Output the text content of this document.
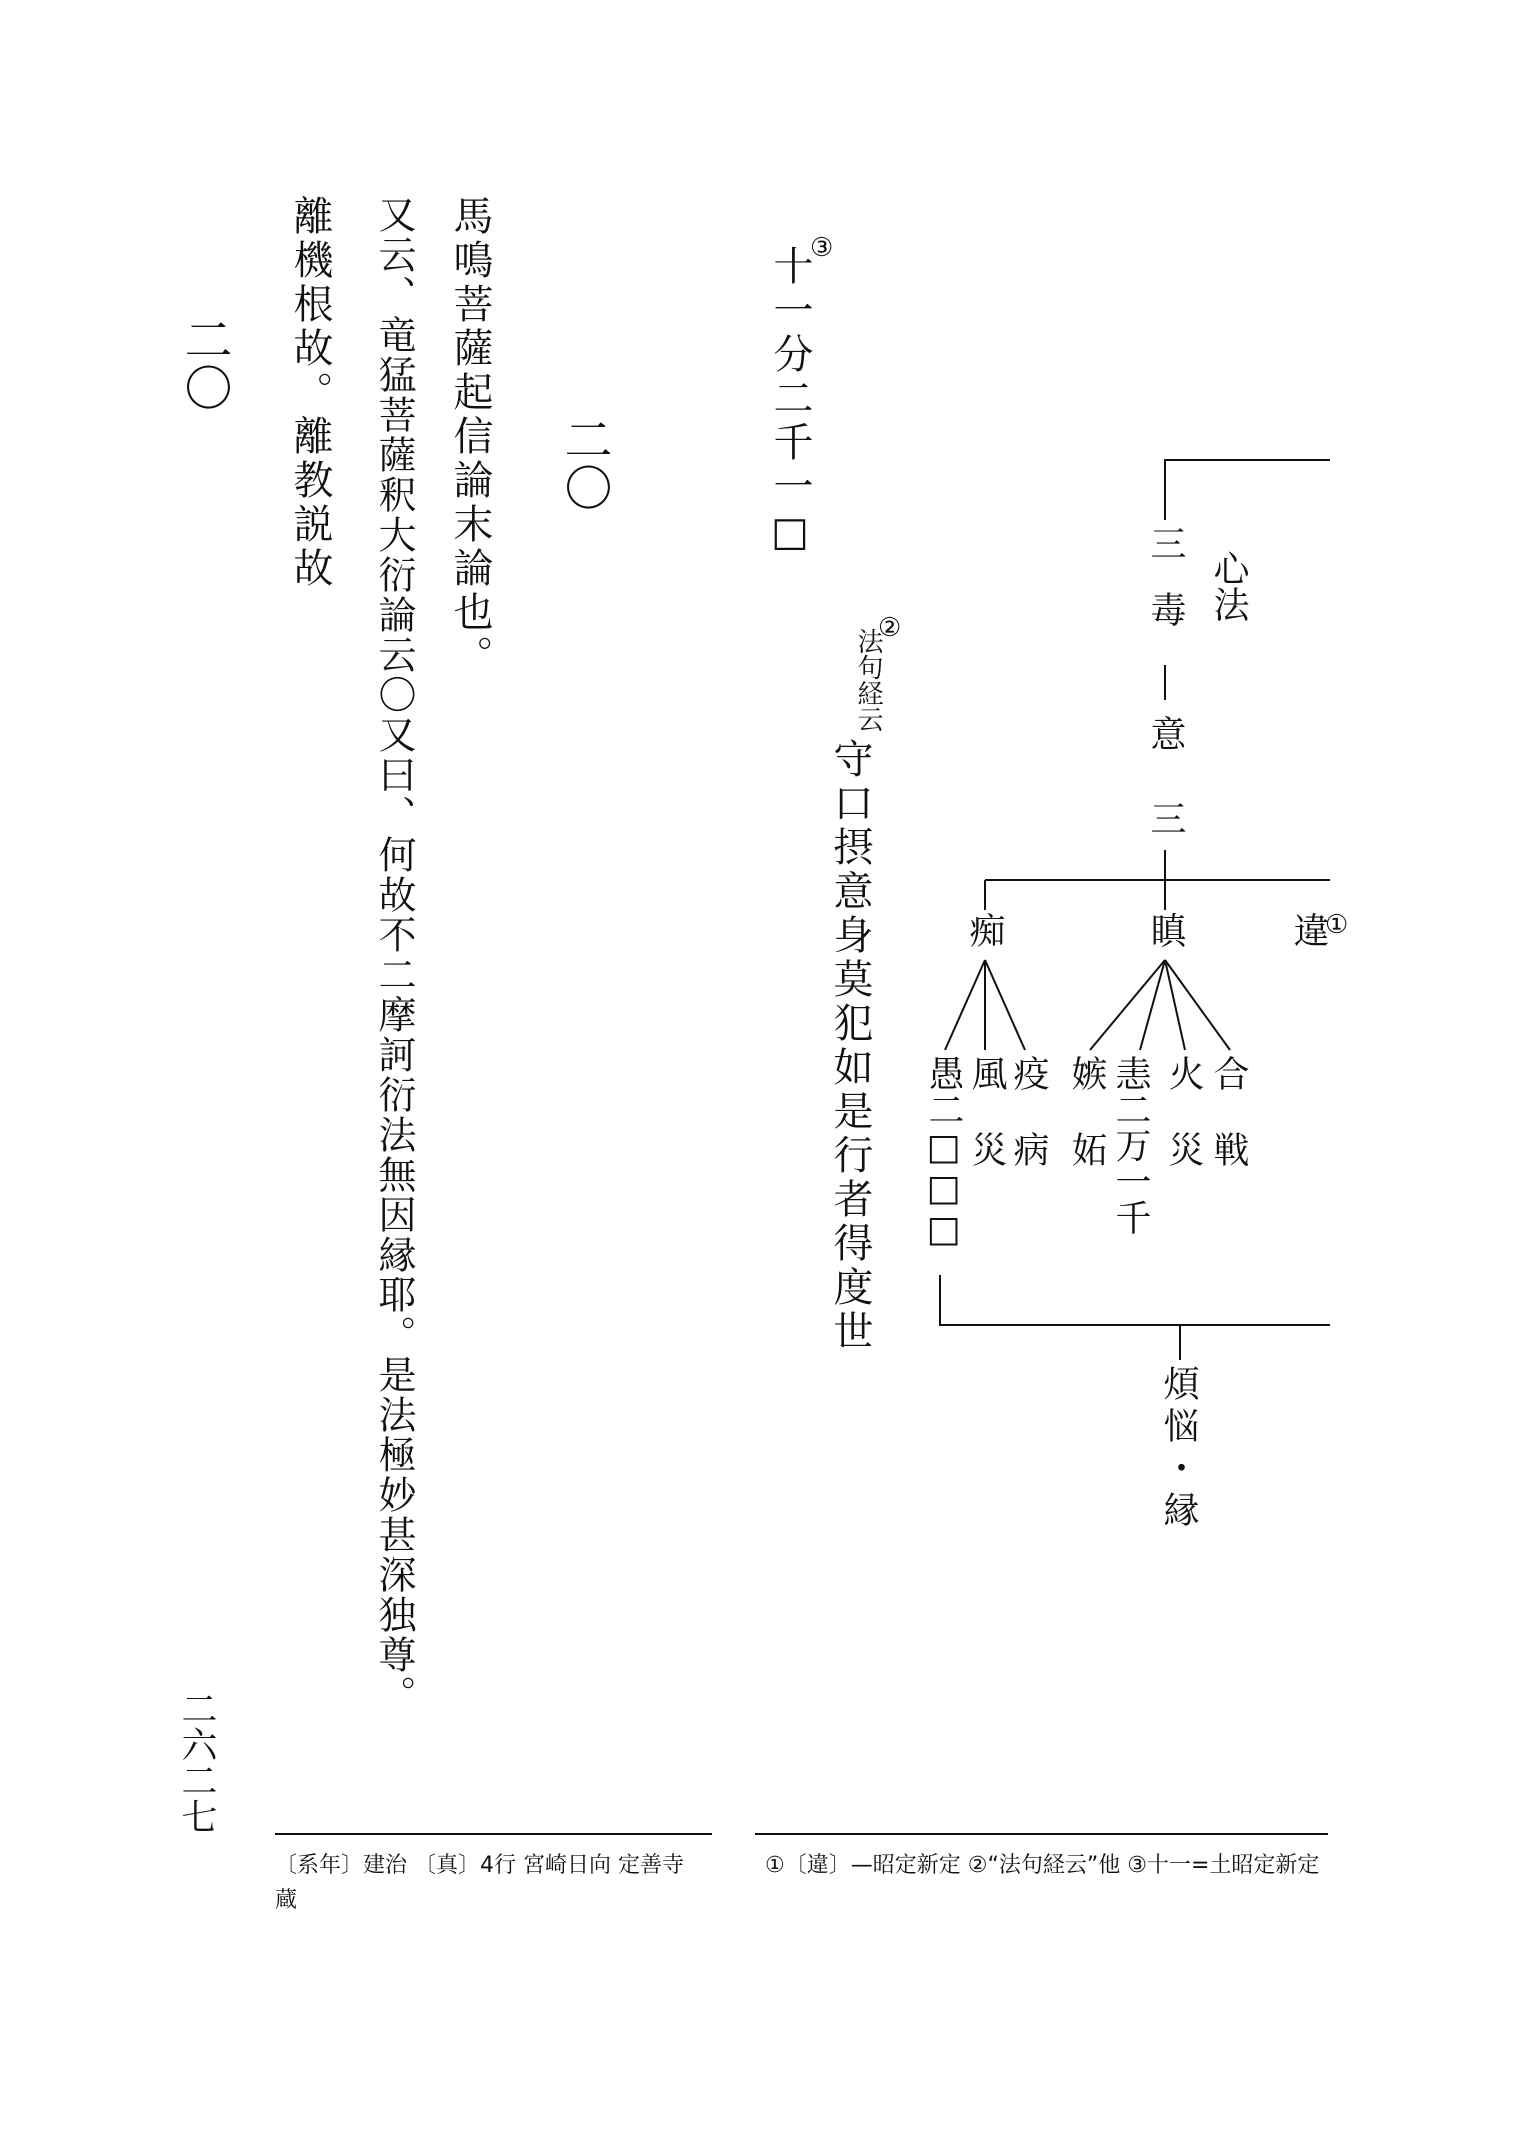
馬鳴菩薩起信論末論也。 二〇
又云、竜猛菩薩釈大衍論云〇又曰、何故不二摩訶衍法無因縁耶。是法極妙甚深独尊。
離機根故。離教説故
二〇	十一分二千一□
③
②
法句経云
守口摂意身莫犯如是行者得度世
心法
三毒
意
三
痴	瞋	違
①
愚二□□□ 風災 疫病 嫉妬 恚二万一千 火災 合戦
煩悩・縁
二六二七
〔系年〕建治 〔真〕4行 宮崎日向 定善寺蔵
①〔違〕—昭定新定 ②“法句経云”他 ③十一=土昭定新定
